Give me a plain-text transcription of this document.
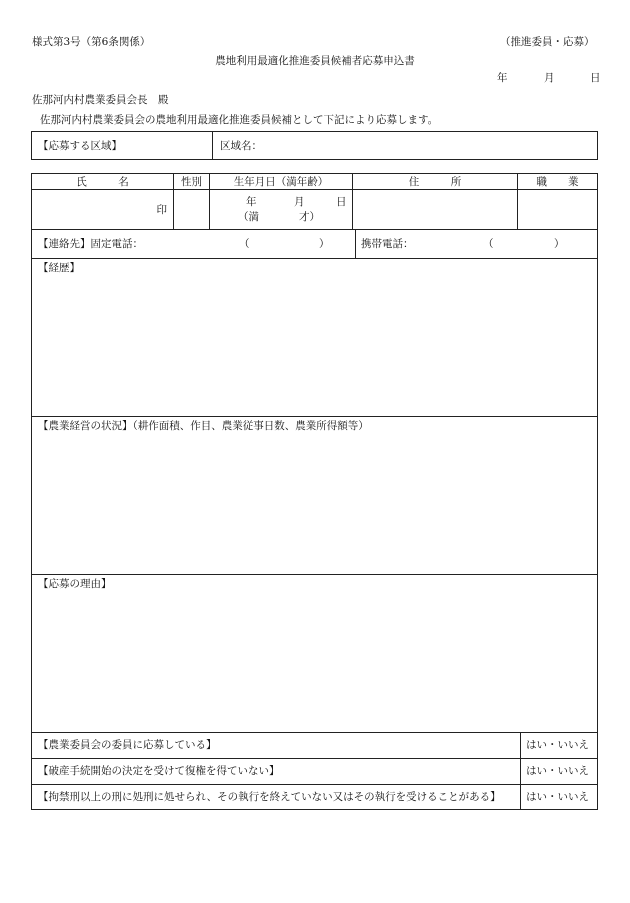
様式第3号（第6条関係）	（推進委員・応募）
農地利用最適化推進委員候補者応募申込書
年	月	日
佐那河内村農業委員会長　殿
佐那河内村農業委員会の農地利用最適化推進委員候補として下記により応募します。
【応募する区域】	区域名：
氏　　　名	性別	生年月日（満年齢）	住　　　所	職　　業

印		年 月 日
（満 才）		

【連絡先】固定電話：	（	）	携帯電話：	（	）
【経歴】
【農業経営の状況】（耕作面積、作目、農業従事日数、農業所得額等）
【応募の理由】
【農業委員会の委員に応募している】	はい・いいえ
【破産手続開始の決定を受けて復権を得ていない】	はい・いいえ
【拘禁刑以上の刑に処刑に処せられ、その執行を終えていない又はその執行を受けることがある】 はい・いいえ
